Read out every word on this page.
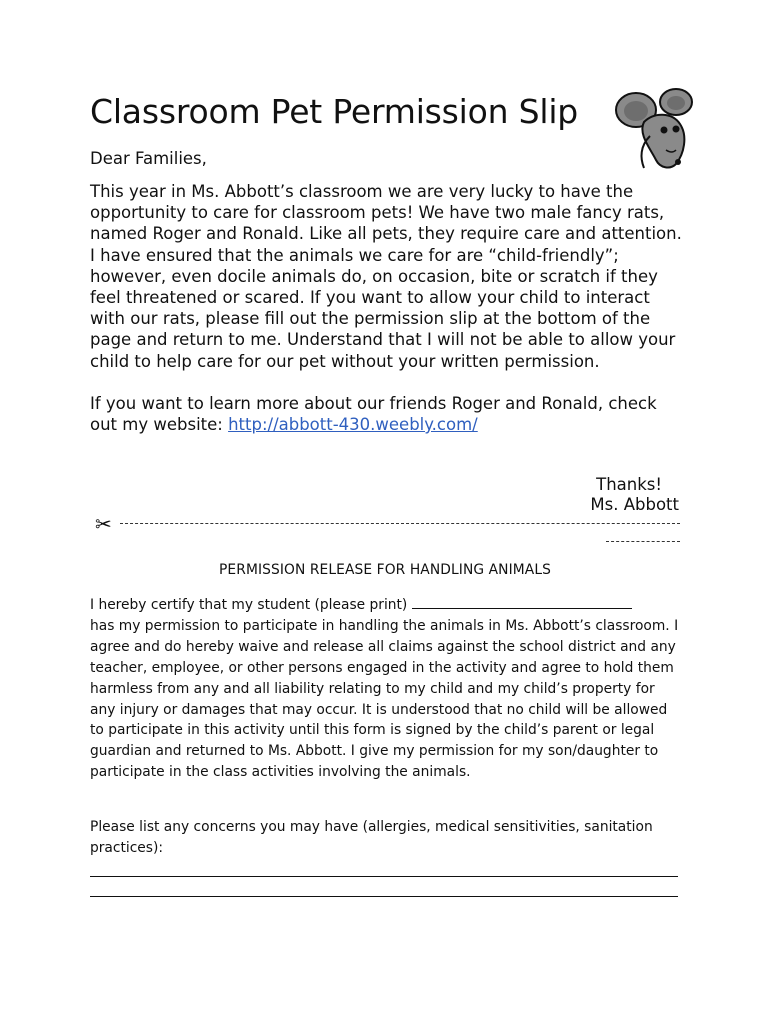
Classroom Pet Permission Slip
Dear Families,

This year in Ms. Abbott’s classroom we are very lucky to have the opportunity to care for classroom pets! We have two male fancy rats, named Roger and Ronald. Like all pets, they require care and attention. I have ensured that the animals we care for are “child-friendly”; however, even docile animals do, on occasion, bite or scratch if they feel threatened or scared. If you want to allow your child to interact with our rats, please fill out the permission slip at the bottom of the page and return to me. Understand that I will not be able to allow your child to help care for our pet without your written permission.

If you want to learn more about our friends Roger and Ronald, check out my website: http://abbott-430.weebly.com/

Thanks!
Ms. Abbott
✂
PERMISSION RELEASE FOR HANDLING ANIMALS

I hereby certify that my student (please print)

has my permission to participate in handling the animals in Ms. Abbott’s classroom. I agree and do hereby waive and release all claims against the school district and any teacher, employee, or other persons engaged in the activity and agree to hold them harmless from any and all liability relating to my child and my child’s property for any injury or damages that may occur. It is understood that no child will be allowed to participate in this activity until this form is signed by the child’s parent or legal guardian and returned to Ms. Abbott. I give my permission for my son/daughter to participate in the class activities involving the animals.

Please list any concerns you may have (allergies, medical sensitivities, sanitation practices):
